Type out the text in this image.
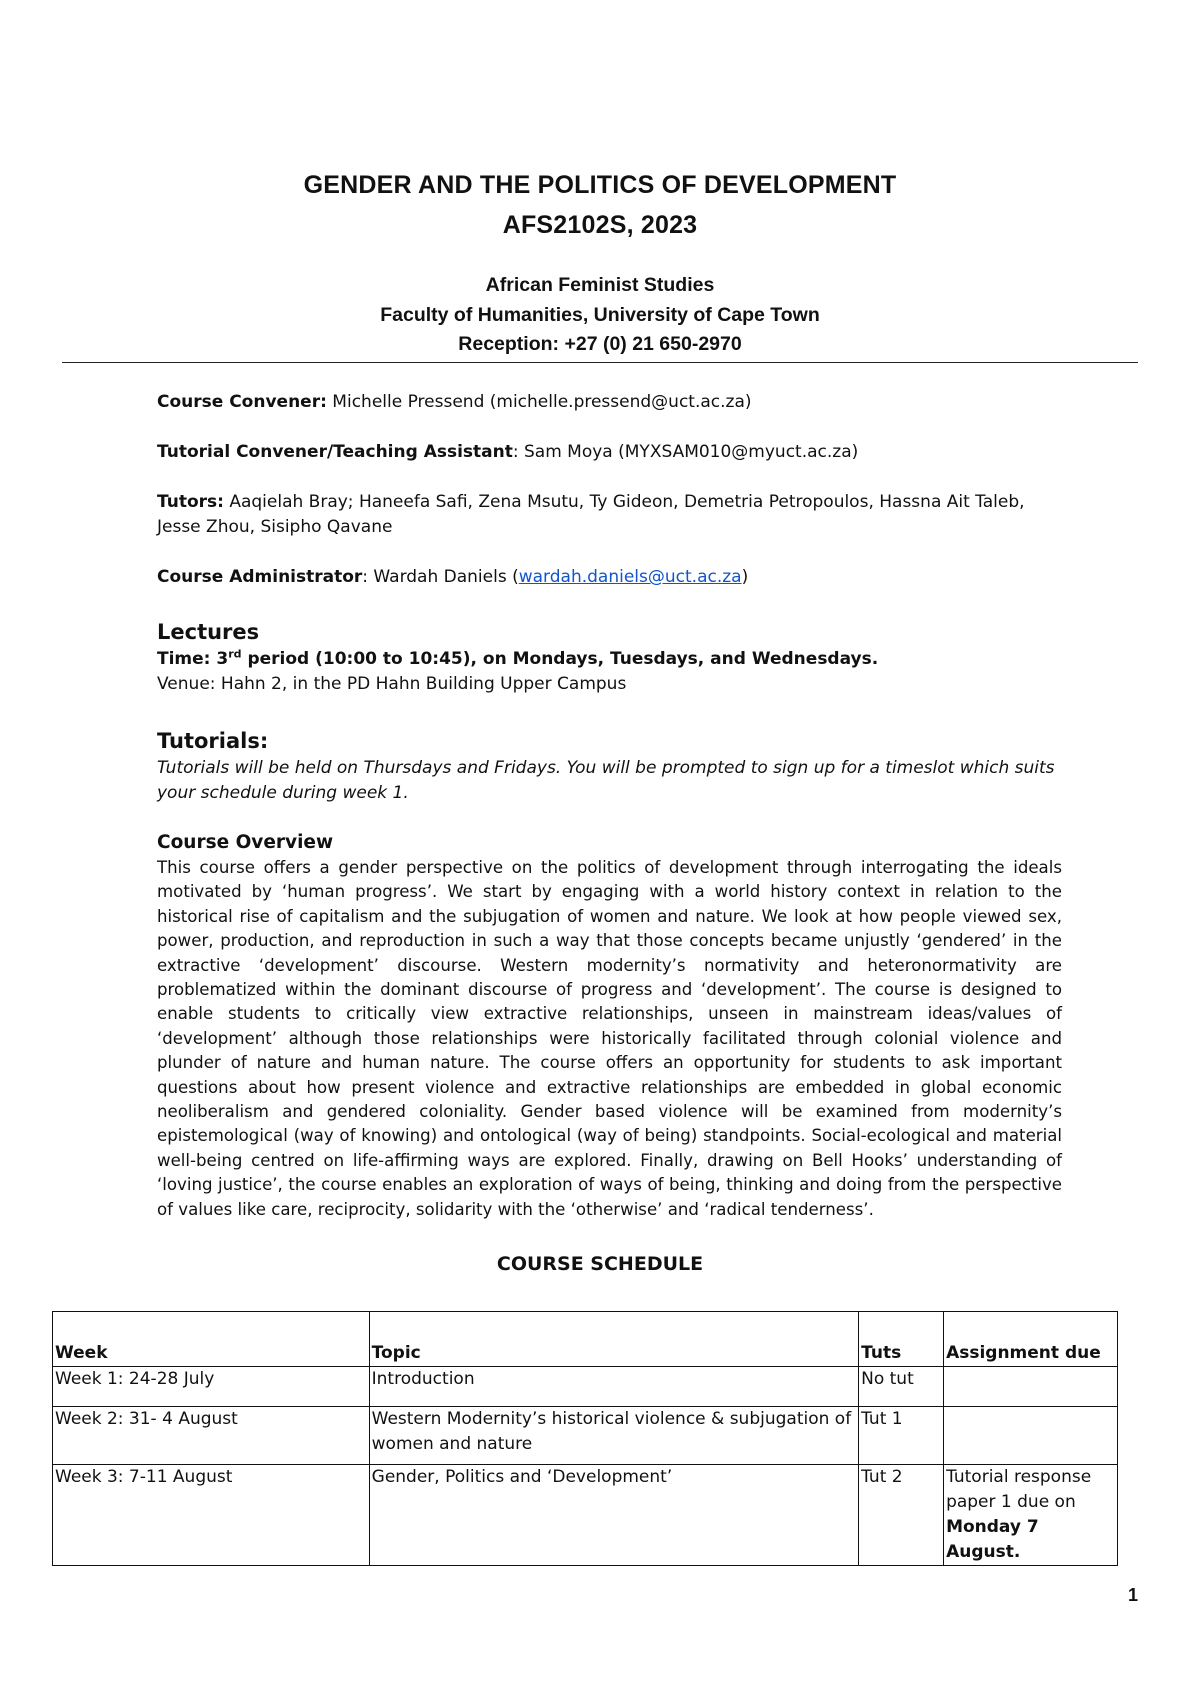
GENDER AND THE POLITICS OF DEVELOPMENT
AFS2102S, 2023
African Feminist Studies
Faculty of Humanities, University of Cape Town
Reception: +27 (0) 21 650-2970
Course Convener: Michelle Pressend (michelle.pressend@uct.ac.za)
Tutorial Convener/Teaching Assistant: Sam Moya (MYXSAM010@myuct.ac.za)
Tutors: Aaqielah Bray; Haneefa Safi, Zena Msutu, Ty Gideon, Demetria Petropoulos, Hassna Ait Taleb, Jesse Zhou, Sisipho Qavane
Course Administrator: Wardah Daniels (wardah.daniels@uct.ac.za)
Lectures
Time: 3rd period (10:00 to 10:45), on Mondays, Tuesdays, and Wednesdays.
Venue: Hahn 2, in the PD Hahn Building Upper Campus
Tutorials:
Tutorials will be held on Thursdays and Fridays. You will be prompted to sign up for a timeslot which suits your schedule during week 1.
Course Overview
This course offers a gender perspective on the politics of development through interrogating the ideals motivated by ‘human progress’. We start by engaging with a world history context in relation to the historical rise of capitalism and the subjugation of women and nature. We look at how people viewed sex, power, production, and reproduction in such a way that those concepts became unjustly ‘gendered’ in the extractive ‘development’ discourse. Western modernity’s normativity and heteronormativity are problematized within the dominant discourse of progress and ‘development’. The course is designed to enable students to critically view extractive relationships, unseen in mainstream ideas/values of ‘development’ although those relationships were historically facilitated through colonial violence and plunder of nature and human nature. The course offers an opportunity for students to ask important questions about how present violence and extractive relationships are embedded in global economic neoliberalism and gendered coloniality. Gender based violence will be examined from modernity’s epistemological (way of knowing) and ontological (way of being) standpoints. Social-ecological and material well-being centred on life-affirming ways are explored. Finally, drawing on Bell Hooks’ understanding of ‘loving justice’, the course enables an exploration of ways of being, thinking and doing from the perspective of values like care, reciprocity, solidarity with the ‘otherwise’ and ‘radical tenderness’.
COURSE SCHEDULE
Week	Topic	Tuts	Assignment due
Week 1: 24-28 July	Introduction	No tut	
Week 2: 31- 4 August	Western Modernity’s historical violence & subjugation of women and nature	Tut 1	
Week 3: 7-11 August	Gender, Politics and ‘Development’	Tut 2	Tutorial response paper 1 due on Monday 7 August.
1
